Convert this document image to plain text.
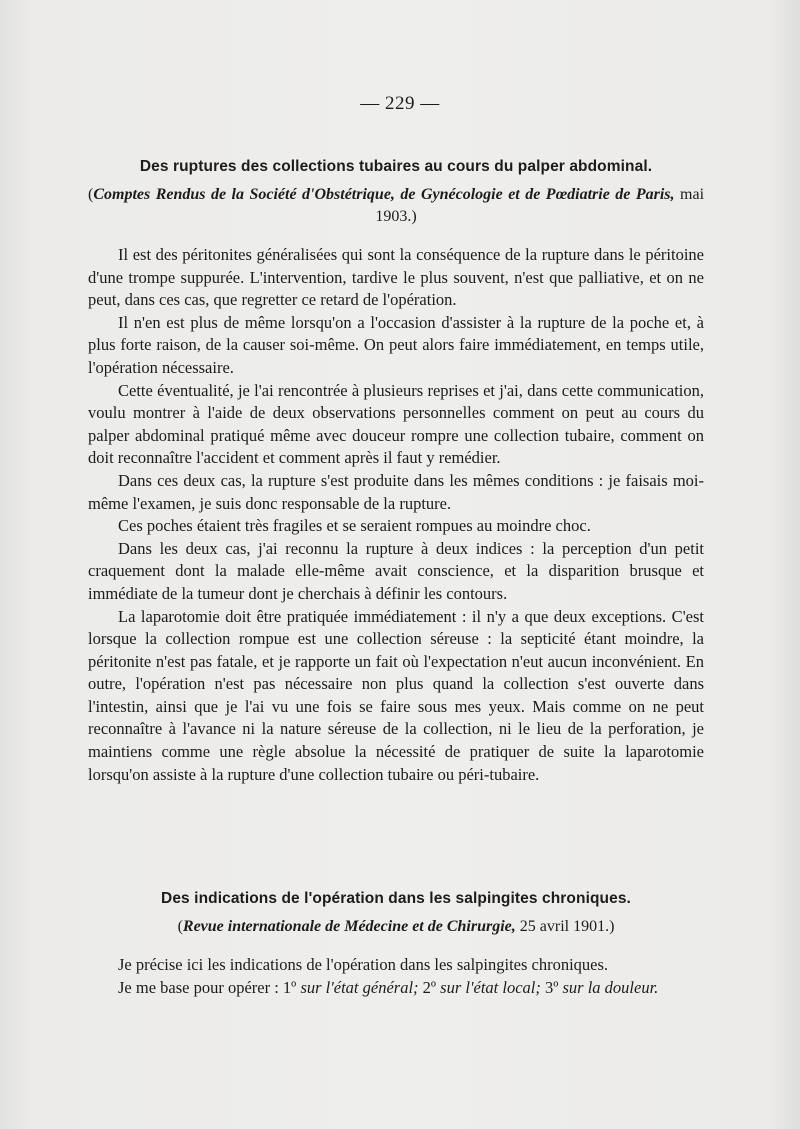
— 229 —
Des ruptures des collections tubaires au cours du palper abdominal.
(Comptes Rendus de la Société d'Obstétrique, de Gynécologie et de Pœdiatrie de Paris, mai 1903.)

Il est des péritonites généralisées qui sont la conséquence de la rupture dans le péritoine d'une trompe suppurée. L'intervention, tardive le plus souvent, n'est que palliative, et on ne peut, dans ces cas, que regretter ce retard de l'opération.

Il n'en est plus de même lorsqu'on a l'occasion d'assister à la rupture de la poche et, à plus forte raison, de la causer soi-même. On peut alors faire immédiatement, en temps utile, l'opération nécessaire.

Cette éventualité, je l'ai rencontrée à plusieurs reprises et j'ai, dans cette communication, voulu montrer à l'aide de deux observations personnelles comment on peut au cours du palper abdominal pratiqué même avec douceur rompre une collection tubaire, comment on doit reconnaître l'accident et comment après il faut y remédier.

Dans ces deux cas, la rupture s'est produite dans les mêmes conditions : je faisais moi-même l'examen, je suis donc responsable de la rupture.

Ces poches étaient très fragiles et se seraient rompues au moindre choc.

Dans les deux cas, j'ai reconnu la rupture à deux indices : la perception d'un petit craquement dont la malade elle-même avait conscience, et la disparition brusque et immédiate de la tumeur dont je cherchais à définir les contours.

La laparotomie doit être pratiquée immédiatement : il n'y a que deux exceptions. C'est lorsque la collection rompue est une collection séreuse : la septicité étant moindre, la péritonite n'est pas fatale, et je rapporte un fait où l'expectation n'eut aucun inconvénient. En outre, l'opération n'est pas nécessaire non plus quand la collection s'est ouverte dans l'intestin, ainsi que je l'ai vu une fois se faire sous mes yeux. Mais comme on ne peut reconnaître à l'avance ni la nature séreuse de la collection, ni le lieu de la perforation, je maintiens comme une règle absolue la nécessité de pratiquer de suite la laparotomie lorsqu'on assiste à la rupture d'une collection tubaire ou péri-tubaire.

Des indications de l'opération dans les salpingites chroniques.
(Revue internationale de Médecine et de Chirurgie, 25 avril 1901.)

Je précise ici les indications de l'opération dans les salpingites chroniques.

Je me base pour opérer : 1º sur l'état général; 2º sur l'état local; 3º sur la douleur.
